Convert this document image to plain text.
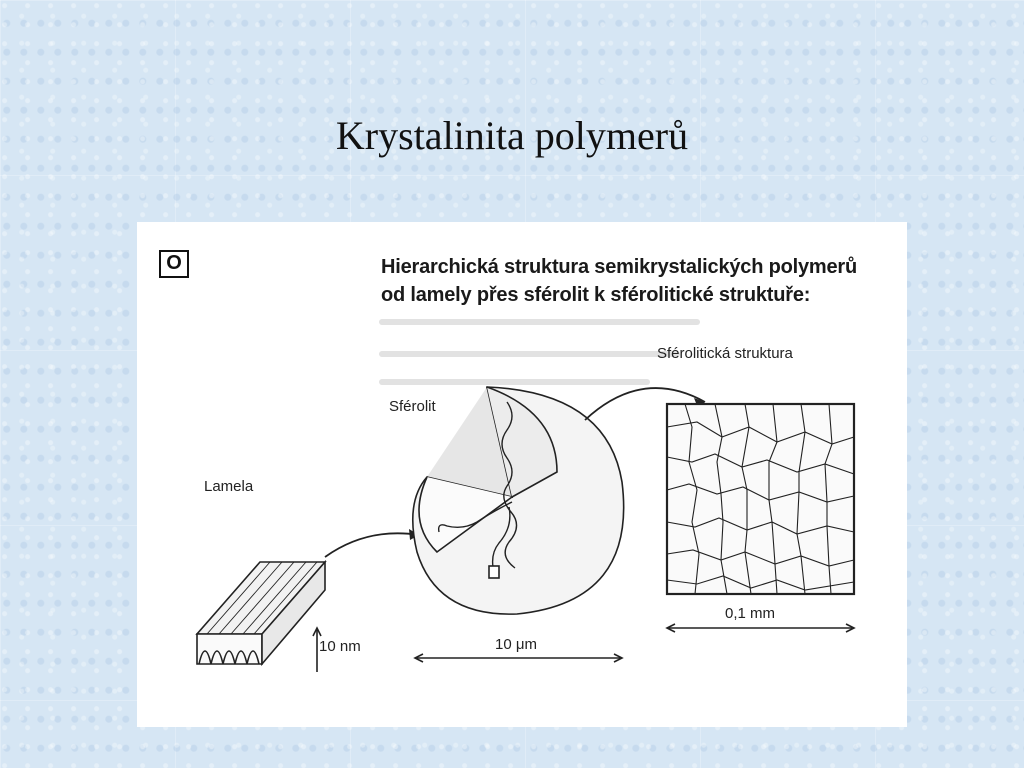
Krystalinita polymerů
O	Hierarchická struktura semikrystalických polymerů
od lamely přes sférolit k sférolitické struktuře:
Sférolitická struktura
Sférolit
Lamela
10 nm	10 μm
0,1 mm
